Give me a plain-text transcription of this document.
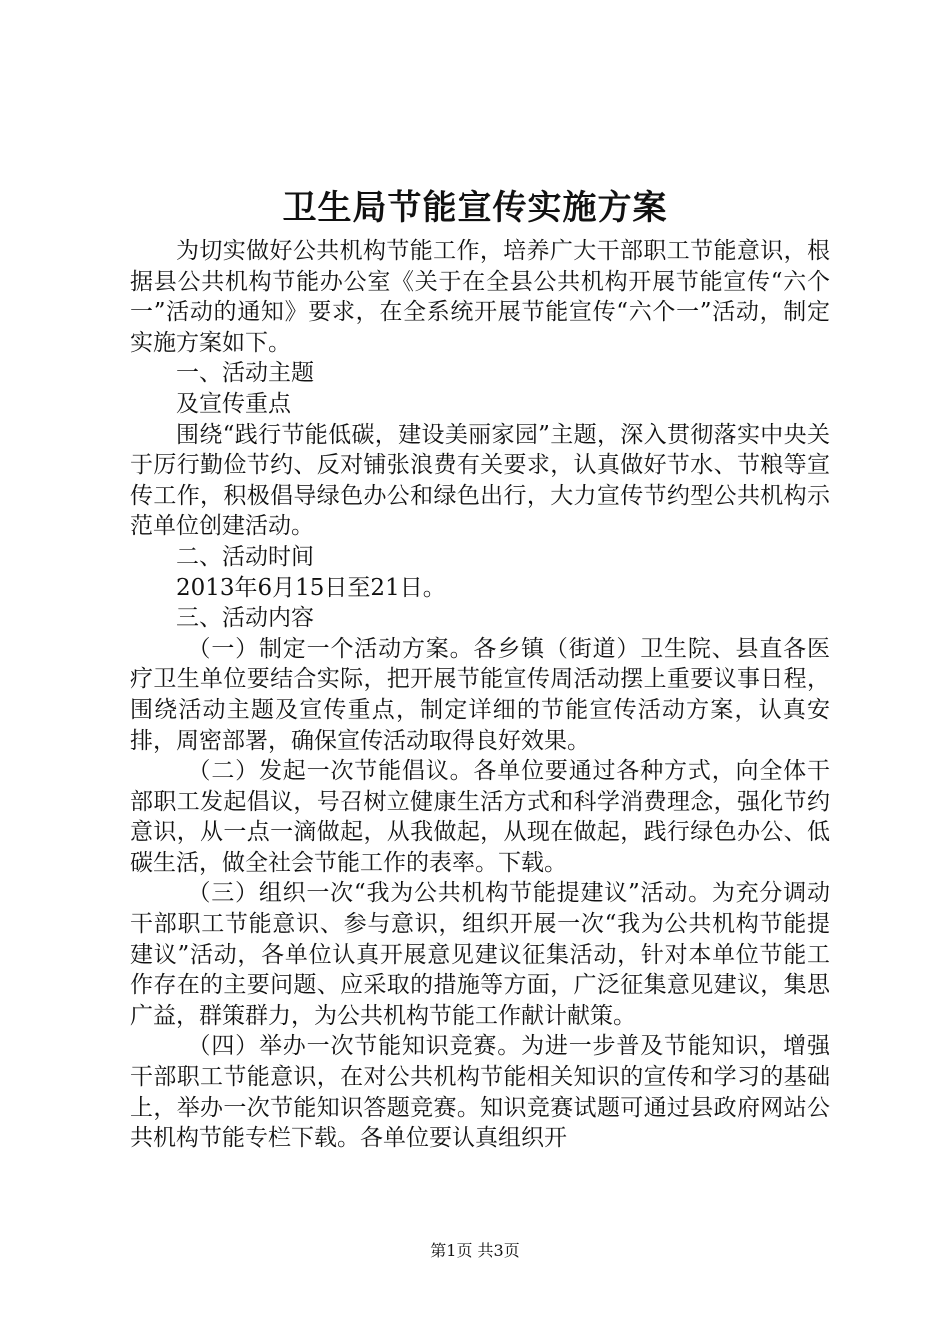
卫生局节能宣传实施方案

为切实做好公共机构节能工作，培养广大干部职工节能意识，根据县公共机构节能办公室《关于在全县公共机构开展节能宣传“六个一”活动的通知》要求，在全系统开展节能宣传“六个一”活动，制定实施方案如下。

一、活动主题

及宣传重点

围绕“践行节能低碳，建设美丽家园”主题，深入贯彻落实中央关于厉行勤俭节约、反对铺张浪费有关要求，认真做好节水、节粮等宣传工作，积极倡导绿色办公和绿色出行，大力宣传节约型公共机构示范单位创建活动。

二、活动时间

2013年6月15日至21日。

三、活动内容

（一）制定一个活动方案。各乡镇（街道）卫生院、县直各医疗卫生单位要结合实际，把开展节能宣传周活动摆上重要议事日程，围绕活动主题及宣传重点，制定详细的节能宣传活动方案，认真安排，周密部署，确保宣传活动取得良好效果。

（二）发起一次节能倡议。各单位要通过各种方式，向全体干部职工发起倡议，号召树立健康生活方式和科学消费理念，强化节约意识，从一点一滴做起，从我做起，从现在做起，践行绿色办公、低碳生活，做全社会节能工作的表率。下载。

（三）组织一次“我为公共机构节能提建议”活动。为充分调动干部职工节能意识、参与意识，组织开展一次“我为公共机构节能提建议”活动，各单位认真开展意见建议征集活动，针对本单位节能工作存在的主要问题、应采取的措施等方面，广泛征集意见建议，集思广益，群策群力，为公共机构节能工作献计献策。

（四）举办一次节能知识竞赛。为进一步普及节能知识，增强干部职工节能意识，在对公共机构节能相关知识的宣传和学习的基础上，举办一次节能知识答题竞赛。知识竞赛试题可通过县政府网站公共机构节能专栏下载。各单位要认真组织开

第1页 共3页
